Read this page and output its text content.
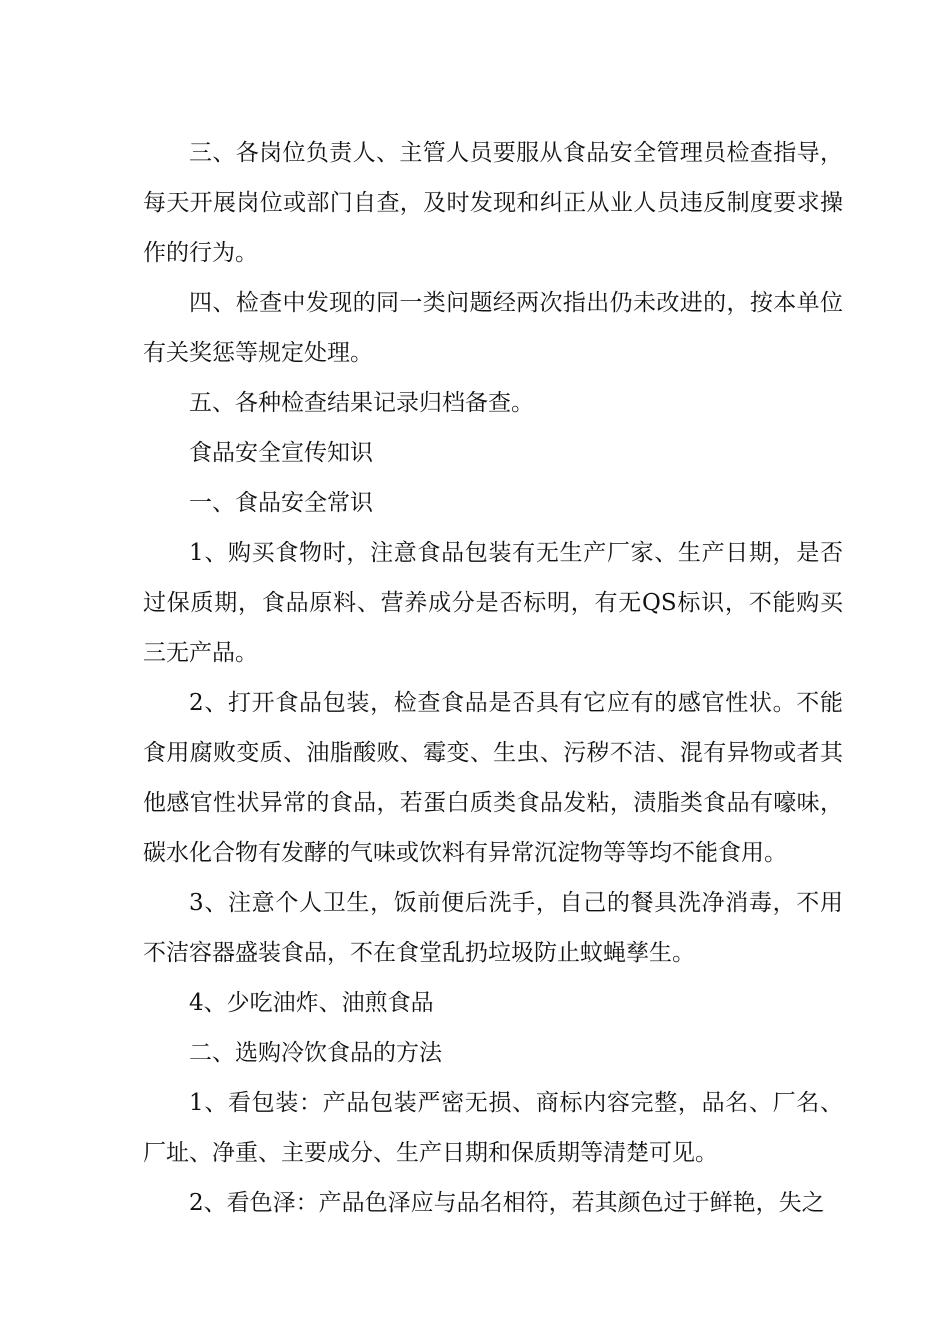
三、各岗位负责人、主管人员要服从食品安全管理员检查指导，每天开展岗位或部门自查，及时发现和纠正从业人员违反制度要求操作的行为。

四、检查中发现的同一类问题经两次指出仍未改进的，按本单位有关奖惩等规定处理。

五、各种检查结果记录归档备查。

食品安全宣传知识

一、食品安全常识

1、购买食物时，注意食品包装有无生产厂家、生产日期，是否过保质期，食品原料、营养成分是否标明，有无QS标识，不能购买三无产品。

2、打开食品包装，检查食品是否具有它应有的感官性状。不能食用腐败变质、油脂酸败、霉变、生虫、污秽不洁、混有异物或者其他感官性状异常的食品，若蛋白质类食品发粘，渍脂类食品有嚎味，碳水化合物有发酵的气味或饮料有异常沉淀物等等均不能食用。

3、注意个人卫生，饭前便后洗手，自己的餐具洗净消毒，不用不洁容器盛装食品，不在食堂乱扔垃圾防止蚊蝇孳生。

4、少吃油炸、油煎食品

二、选购冷饮食品的方法

1、看包装：产品包装严密无损、商标内容完整，品名、厂名、厂址、净重、主要成分、生产日期和保质期等清楚可见。

2、看色泽：产品色泽应与品名相符，若其颜色过于鲜艳，失之
